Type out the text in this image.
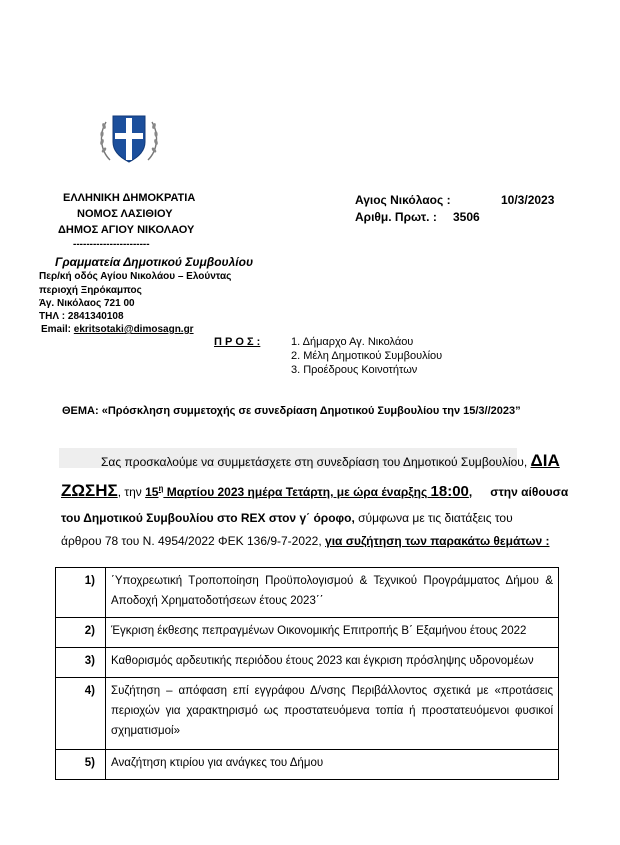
ΕΛΛΗΝΙΚΗ ΔΗΜΟΚΡΑΤΙΑ
ΝΟΜΟΣ ΛΑΣΙΘΙΟΥ
ΔΗΜΟΣ ΑΓΙΟΥ ΝΙΚΟΛΑΟΥ
-----------------------
Γραμματεία Δημοτικού Συμβουλίου
Περ/κή οδός Αγίου Νικολάου – Ελούντας
περιοχή Ξηρόκαμπος
Άγ. Νικόλαος 721 00
ΤΗΛ : 2841340108
Email: ekritsotaki@dimosagn.gr
Αγιος Νικόλαος :	10/3/2023
Αριθμ. Πρωτ. : 3506
Π Ρ Ο Σ :	1. Δήμαρχο Αγ. Νικολάου
2. Μέλη Δημοτικού Συμβουλίου
3. Προέδρους Κοινοτήτων
ΘΕΜΑ: «Πρόσκληση συμμετοχής σε συνεδρίαση Δημοτικού Συμβουλίου την 15/3//2023”
Σας προσκαλούμε να συμμετάσχετε στη συνεδρίαση του Δημοτικού Συμβουλίου, ΔΙΑ
ΖΩΣΗΣ, την $15^\eta$ Μαρτίου 2023 ημέρα Τετάρτη, με ώρα έναρξης 18:00, στην αίθουσα
του Δημοτικού Συμβουλίου στο REX στον γ΄ όροφο, σύμφωνα με τις διατάξεις του
άρθρου 78 του Ν. 4954/2022 ΦΕΚ 136/9-7-2022, για συζήτηση των παρακάτω θεμάτων :
1)	΄Υποχρεωτική Τροποποίηση Προϋπολογισμού & Τεχνικού Προγράμματος Δήμου & Αποδοχή Χρηματοδοτήσεων έτους 2023΄΄
2)	Έγκριση έκθεσης πεπραγμένων Οικονομικής Επιτροπής Β΄ Εξαμήνου έτους 2022
3)	Καθορισμός αρδευτικής περιόδου έτους 2023 και έγκριση πρόσληψης υδρονομέων
4)	Συζήτηση – απόφαση επί εγγράφου Δ/νσης Περιβάλλοντος σχετικά με «προτάσεις περιοχών για χαρακτηρισμό ως προστατευόμενα τοπία ή προστατευόμενοι φυσικοί σχηματισμοί»
5)	Αναζήτηση κτιρίου για ανάγκες του Δήμου
